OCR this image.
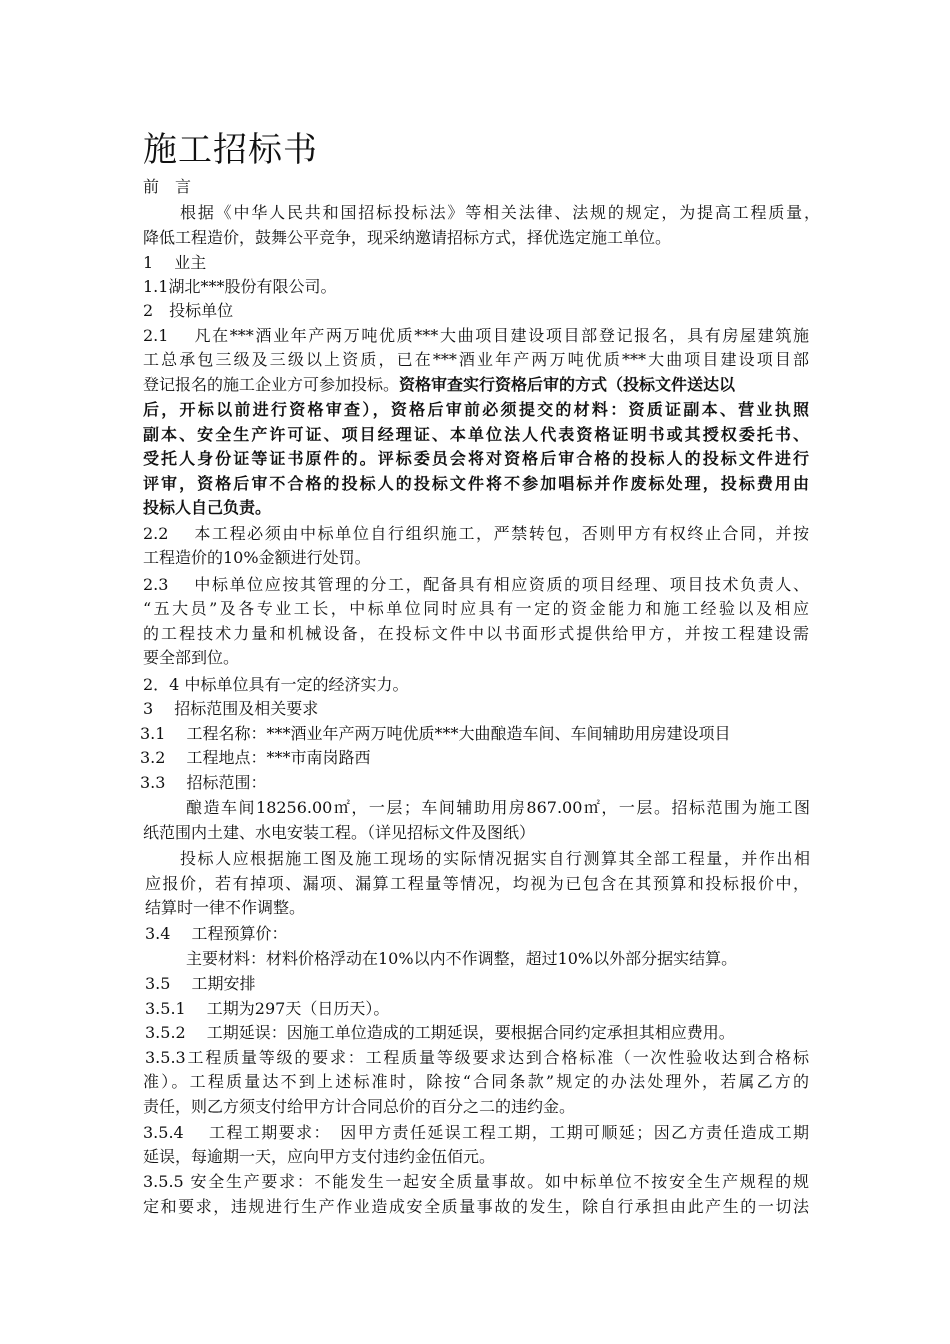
施工招标书
前　言
根据《中华人民共和国招标投标法》等相关法律、法规的规定，为提高工程质量，
降低工程造价，鼓舞公平竞争，现采纳邀请招标方式，择优选定施工单位。
1　 业主
1.1湖北***股份有限公司。
2　投标单位
2.1　 凡在***酒业年产两万吨优质***大曲项目建设项目部登记报名，具有房屋建筑施
工总承包三级及三级以上资质，已在***酒业年产两万吨优质***大曲项目建设项目部
登记报名的施工企业方可参加投标。资格审查实行资格后审的方式（投标文件送达以
后，开标以前进行资格审查），资格后审前必须提交的材料：资质证副本、营业执照
副本、安全生产许可证、项目经理证、本单位法人代表资格证明书或其授权委托书、
受托人身份证等证书原件的。评标委员会将对资格后审合格的投标人的投标文件进行
评审，资格后审不合格的投标人的投标文件将不参加唱标并作废标处理，投标费用由
投标人自己负责。
2.2　 本工程必须由中标单位自行组织施工，严禁转包，否则甲方有权终止合同，并按
工程造价的10%金额进行处罚。
2.3　 中标单位应按其管理的分工，配备具有相应资质的项目经理、项目技术负责人、
“五大员”及各专业工长，中标单位同时应具有一定的资金能力和施工经验以及相应
的工程技术力量和机械设备，在投标文件中以书面形式提供给甲方，并按工程建设需
要全部到位。
2．4 中标单位具有一定的经济实力。
3　 招标范围及相关要求
3.1　 工程名称：***酒业年产两万吨优质***大曲酿造车间、车间辅助用房建设项目
3.2　 工程地点：***市南岗路西
3.3　 招标范围：
酿造车间18256.00㎡，一层；车间辅助用房867.00㎡，一层。招标范围为施工图
纸范围内土建、水电安装工程。（详见招标文件及图纸）
投标人应根据施工图及施工现场的实际情况据实自行测算其全部工程量，并作出相
应报价，若有掉项、漏项、漏算工程量等情况，均视为已包含在其预算和投标报价中，
结算时一律不作调整。
3.4　 工程预算价：
主要材料：材料价格浮动在10%以内不作调整，超过10%以外部分据实结算。
3.5　 工期安排
3.5.1　 工期为297天（日历天）。
3.5.2　 工期延误：因施工单位造成的工期延误，要根据合同约定承担其相应费用。
3.5.3工程质量等级的要求：工程质量等级要求达到合格标准（一次性验收达到合格标
准）。工程质量达不到上述标准时，除按“合同条款”规定的办法处理外，若属乙方的
责任，则乙方须支付给甲方计合同总价的百分之二的违约金。
3.5.4　 工程工期要求：　因甲方责任延误工程工期，工期可顺延；因乙方责任造成工期
延误，每逾期一天，应向甲方支付违约金伍佰元。
3.5.5 安全生产要求：不能发生一起安全质量事故。如中标单位不按安全生产规程的规
定和要求，违规进行生产作业造成安全质量事故的发生，除自行承担由此产生的一切法
